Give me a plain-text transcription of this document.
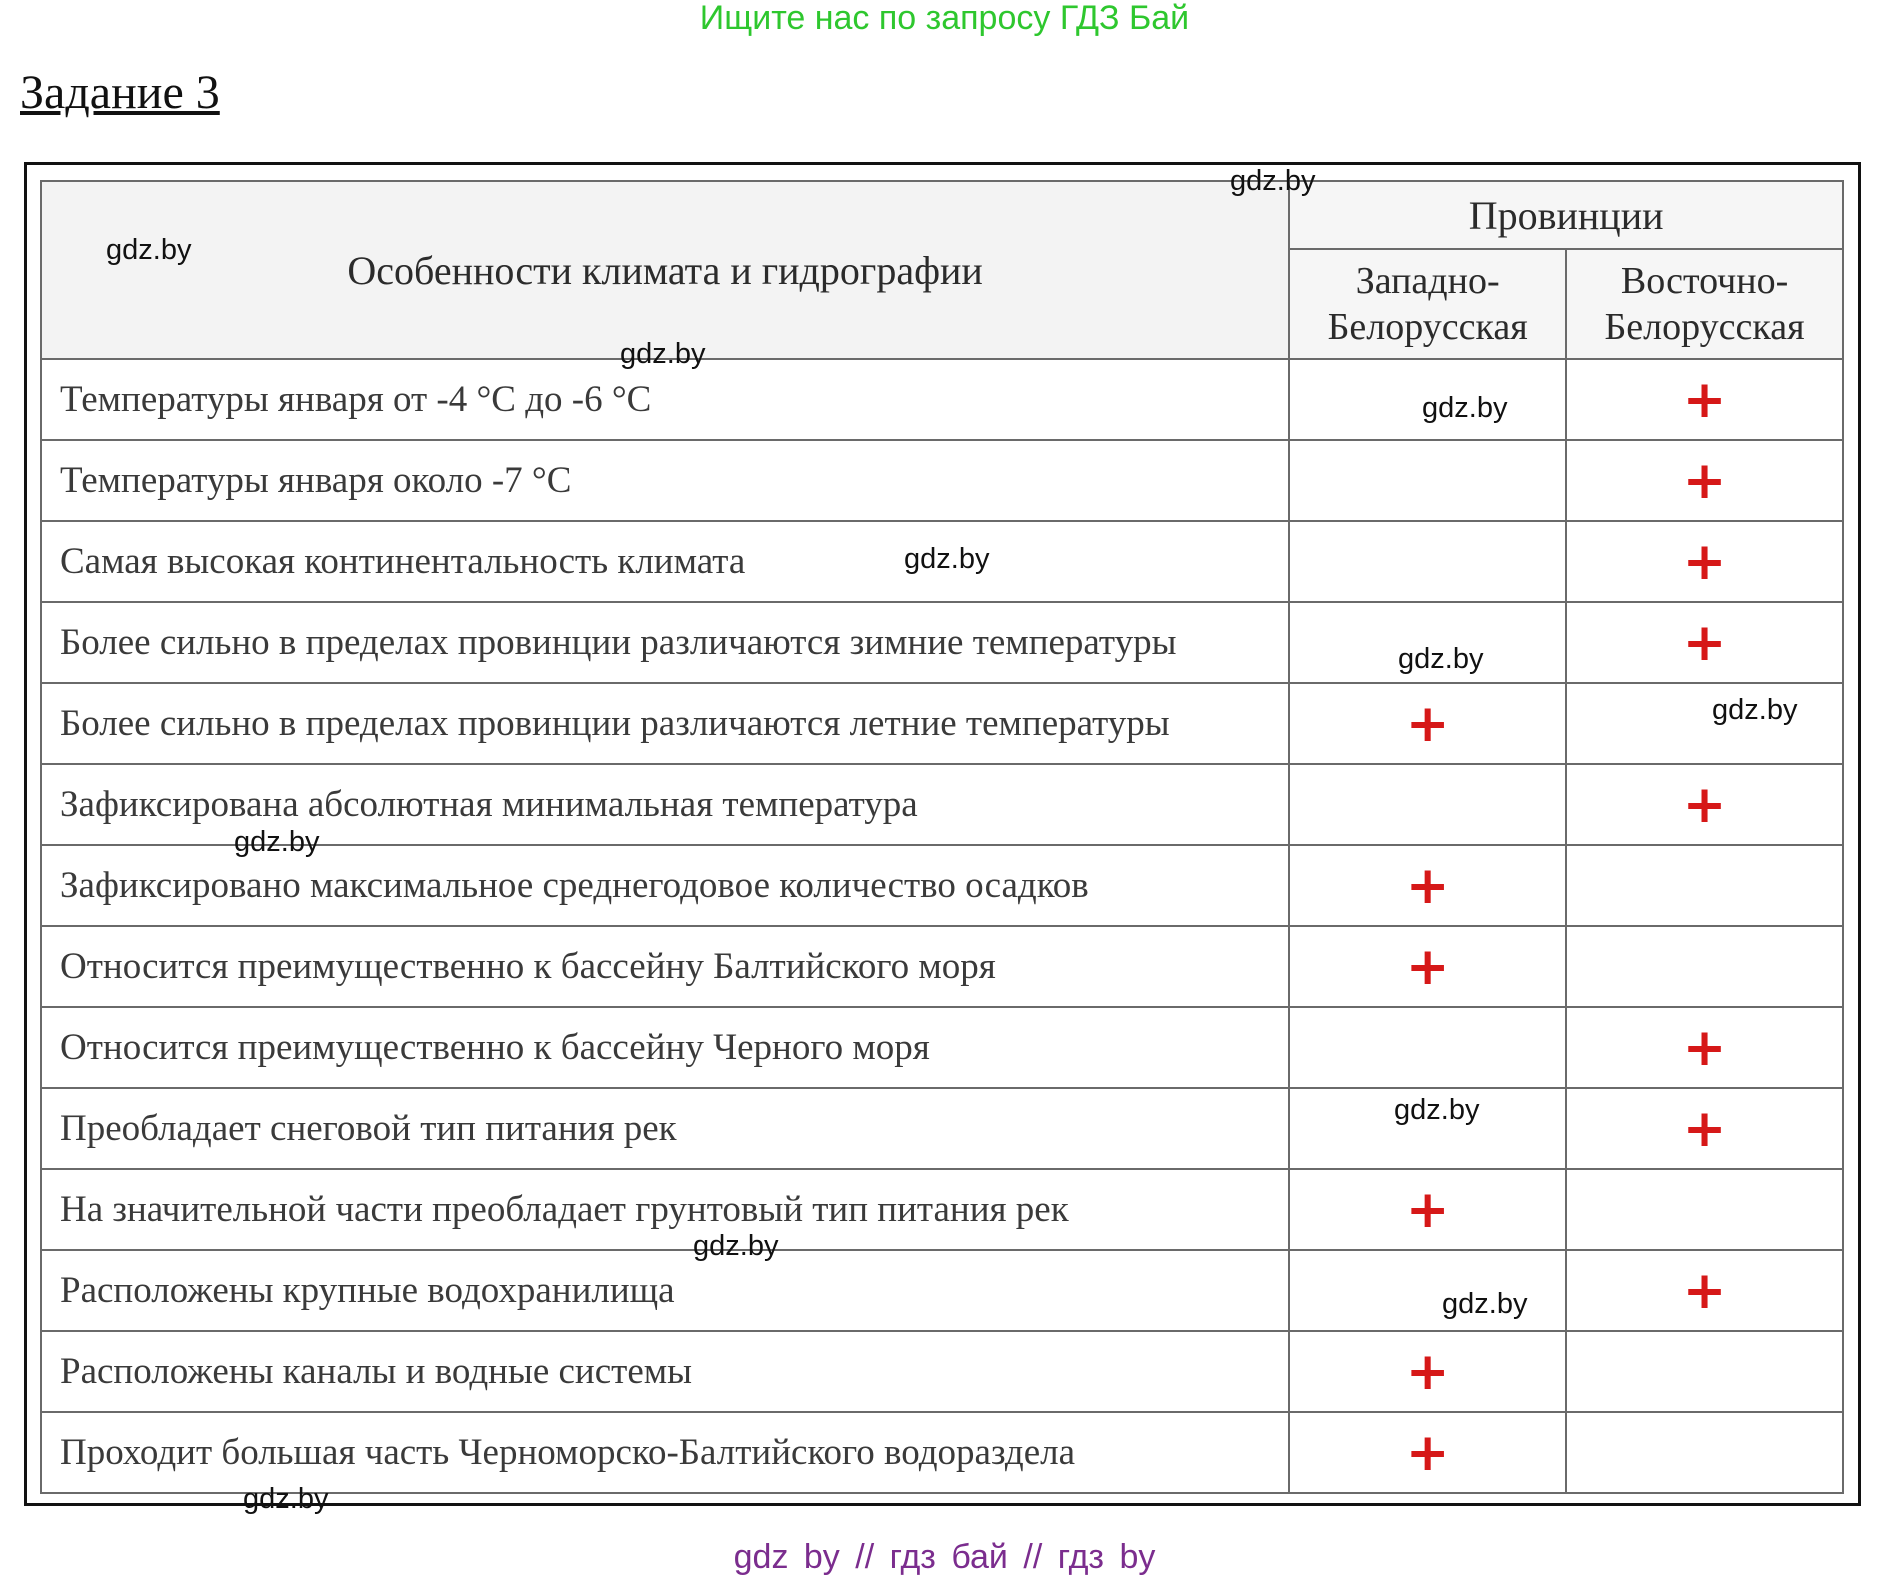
Ищите нас по запросу ГДЗ Бай
Задание 3
Особенности климата и гидрографии	Провинции	
	Западно-Белорусская	Восточно-Белорусская
Температуры января от -4 °C до -6 °C		+
Температуры января около -7 °C		+
Самая высокая континентальность климата		+
Более сильно в пределах провинции различаются зимние температуры		+
Более сильно в пределах провинции различаются летние температуры	+	
Зафиксирована абсолютная минимальная температура		+
Зафиксировано максимальное среднегодовое количество осадков	+	
Относится преимущественно к бассейну Балтийского моря	+	
Относится преимущественно к бассейну Черного моря		+
Преобладает снеговой тип питания рек		+
На значительной части преобладает грунтовый тип питания рек	+	
Расположены крупные водохранилища		+
Расположены каналы и водные системы	+	
Проходит большая часть Черноморско-Балтийского водораздела	+	
gdz.by
gdz.by
gdz.by
gdz.by
gdz.by
gdz.by
gdz.by
gdz.by
gdz.by
gdz.by
gdz.by
gdz.by
gdz by // гдз бай // гдз by
